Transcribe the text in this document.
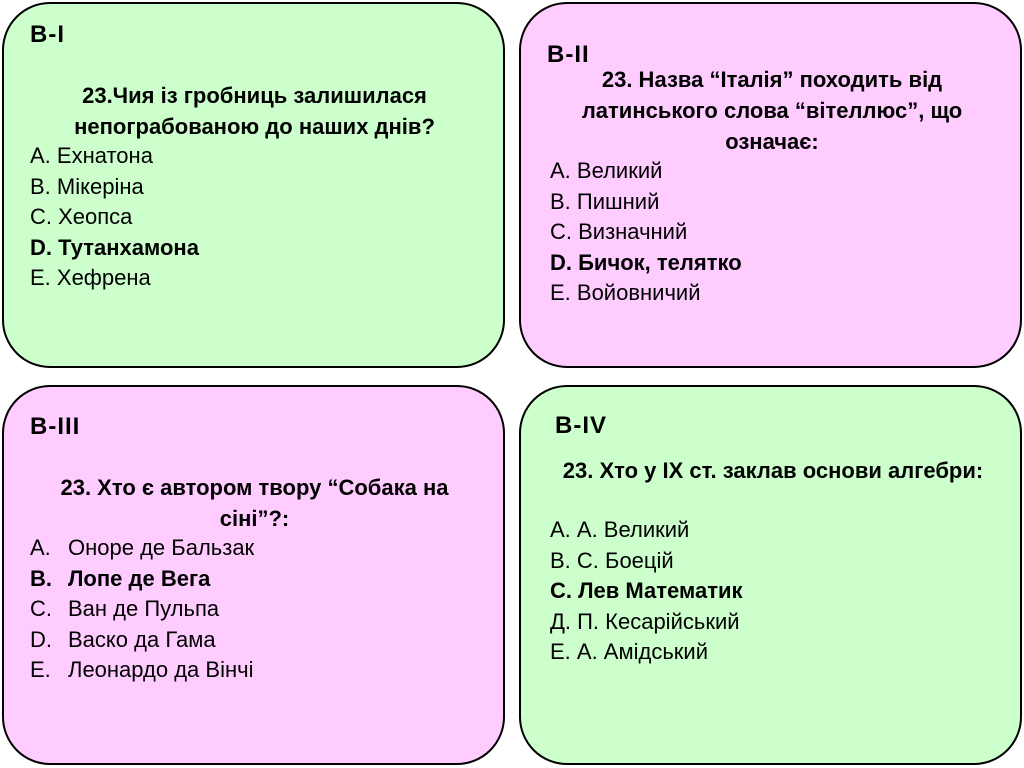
В-І
23.Чия із гробниць залишилася непограбованою до наших днів?
А. Ехнатона
В. Мікеріна
С. Хеопса
D. Тутанхамона
Е. Хефрена
В-ІІ
23. Назва “Італія” походить від латинського слова “вітеллюс”, що означає:
А. Великий
В. Пишний
С. Визначний
D. Бичок, телятко
Е. Войовничий
В-ІІІ
23. Хто є автором твору “Собака на сіні”?:
А. Оноре де Бальзак
В. Лопе де Вега
С. Ван де Пульпа
D. Васко да Гама
Е. Леонардо да Вінчі
В-ІV
23. Хто у ІХ ст. заклав основи алгебри:
А. А. Великий
В. С. Боецій
С. Лев Математик
Д. П. Кесарійський
Е. А. Амідський
